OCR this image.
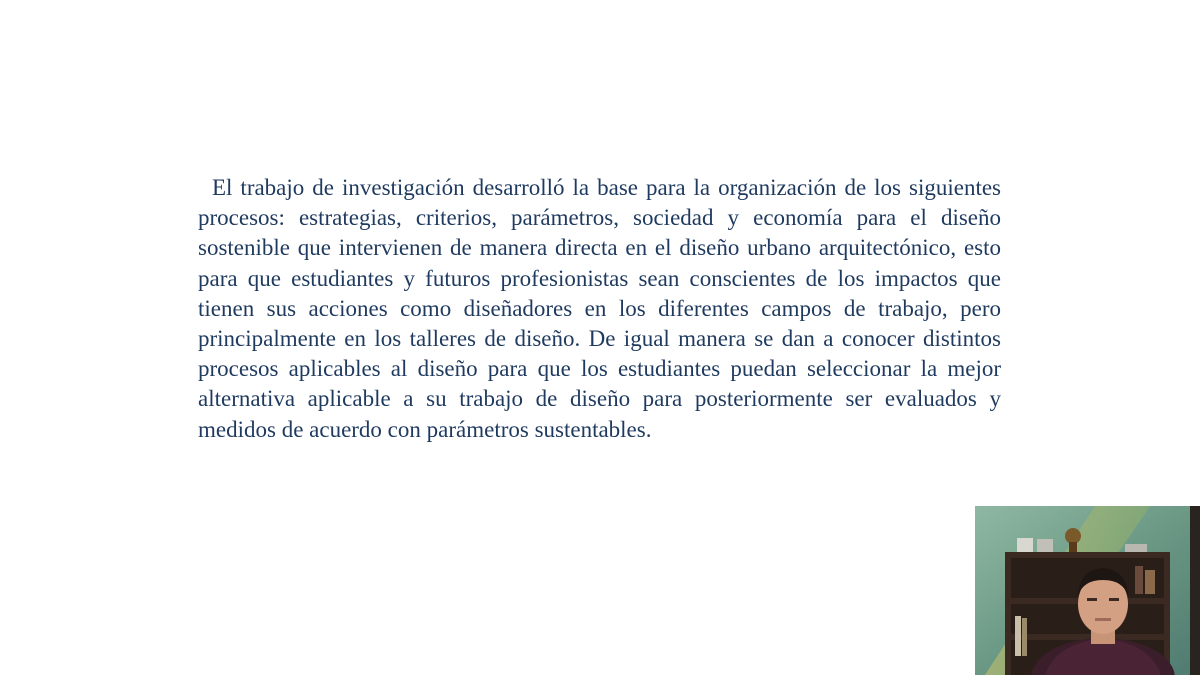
El trabajo de investigación desarrolló la base para la organización de los siguientes procesos: estrategias, criterios, parámetros, sociedad y economía para el diseño sostenible que intervienen de manera directa en el diseño urbano arquitectónico, esto para que estudiantes y futuros profesionistas sean conscientes de los impactos que tienen sus acciones como diseñadores en los diferentes campos de trabajo, pero principalmente en los talleres de diseño. De igual manera se dan a conocer distintos procesos aplicables al diseño para que los estudiantes puedan seleccionar la mejor alternativa aplicable a su trabajo de diseño para posteriormente ser evaluados y medidos de acuerdo con parámetros sustentables.
